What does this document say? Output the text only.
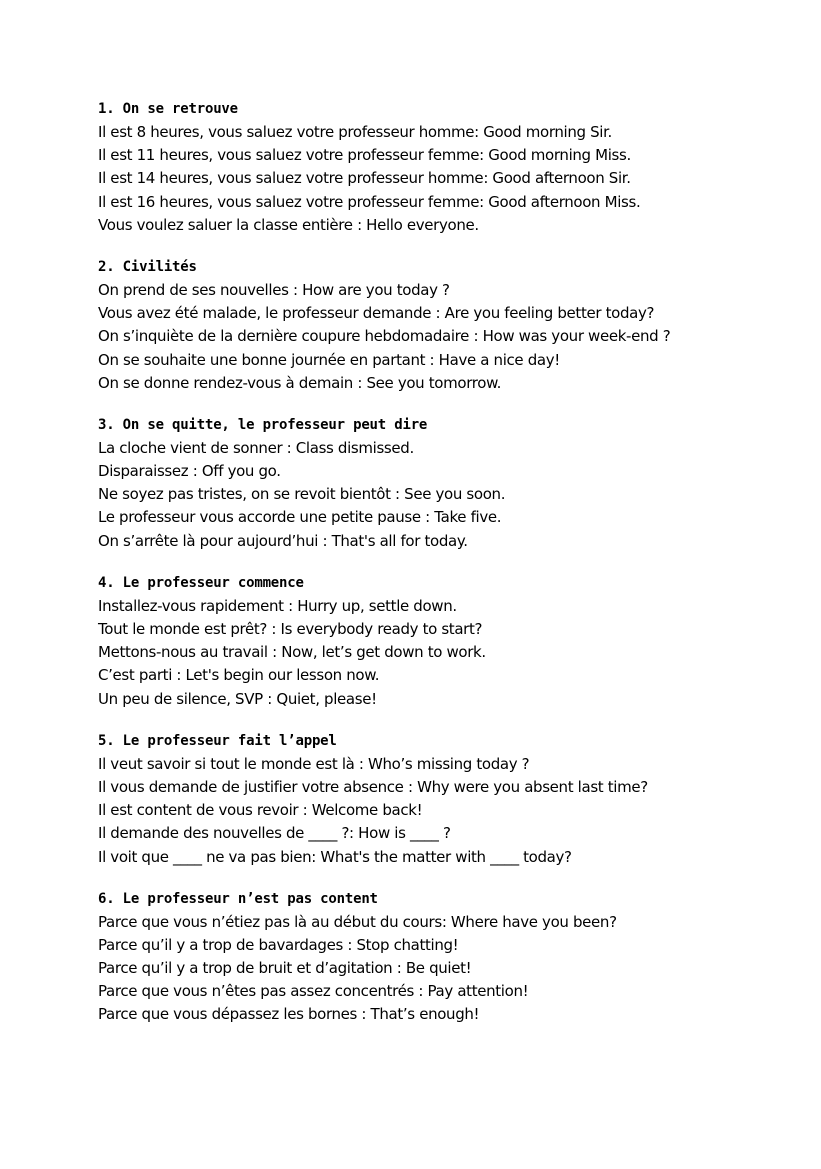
1. On se retrouve
Il est 8 heures, vous saluez votre professeur homme: Good morning Sir.
Il est 11 heures, vous saluez votre professeur femme: Good morning Miss.
Il est 14 heures, vous saluez votre professeur homme: Good afternoon Sir.
Il est 16 heures, vous saluez votre professeur femme: Good afternoon Miss.
Vous voulez saluer la classe entière : Hello everyone.
2. Civilités
On prend de ses nouvelles : How are you today ?
Vous avez été malade, le professeur demande : Are you feeling better today?
On s’inquiète de la dernière coupure hebdomadaire : How was your week-end ?
On se souhaite une bonne journée en partant : Have a nice day!
On se donne rendez-vous à demain : See you tomorrow.
3. On se quitte, le professeur peut dire
La cloche vient de sonner : Class dismissed.
Disparaissez : Off you go.
Ne soyez pas tristes, on se revoit bientôt : See you soon.
Le professeur vous accorde une petite pause : Take five.
On s’arrête là pour aujourd’hui : That's all for today.
4. Le professeur commence
Installez-vous rapidement : Hurry up, settle down.
Tout le monde est prêt? : Is everybody ready to start?
Mettons-nous au travail : Now, let’s get down to work.
C’est parti : Let's begin our lesson now.
Un peu de silence, SVP : Quiet, please!
5. Le professeur fait l’appel
Il veut savoir si tout le monde est là : Who’s missing today ?
Il vous demande de justifier votre absence : Why were you absent last time?
Il est content de vous revoir : Welcome back!
Il demande des nouvelles de ____ ?: How is ____ ?
Il voit que ____ ne va pas bien: What's the matter with ____ today?
6. Le professeur n’est pas content
Parce que vous n’étiez pas là au début du cours: Where have you been?
Parce qu’il y a trop de bavardages : Stop chatting!
Parce qu’il y a trop de bruit et d’agitation : Be quiet!
Parce que vous n’êtes pas assez concentrés : Pay attention!
Parce que vous dépassez les bornes : That’s enough!
